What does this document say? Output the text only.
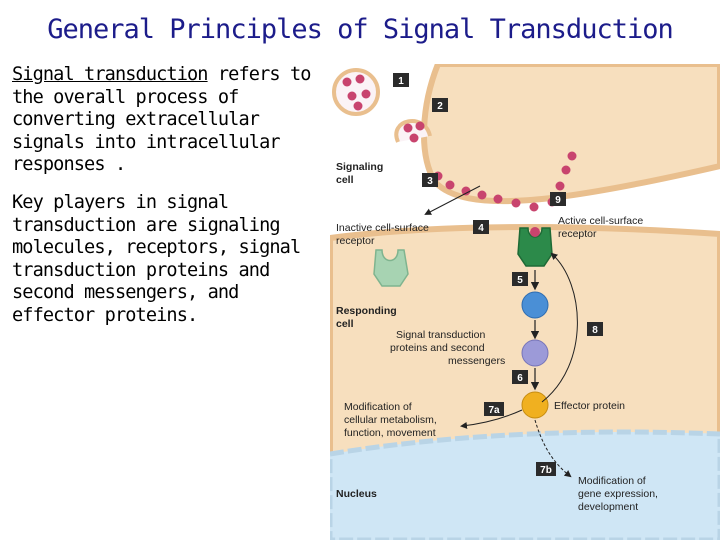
General Principles of Signal Transduction
Signal transduction refers to the overall process of converting extracellular signals into intracellular responses .
Key players in signal transduction are signaling molecules, receptors, signal transduction proteins and second messengers, and effector proteins.
1
2
3
4
5
6
7a
7b
8
9
Signaling
cell
Inactive cell-surface
receptor
Active cell-surface
receptor
Responding
cell
Signal transduction
proteins and second
messengers
Effector protein
Modification of
cellular metabolism,
function, movement
Nucleus
Modification of
gene expression,
development
